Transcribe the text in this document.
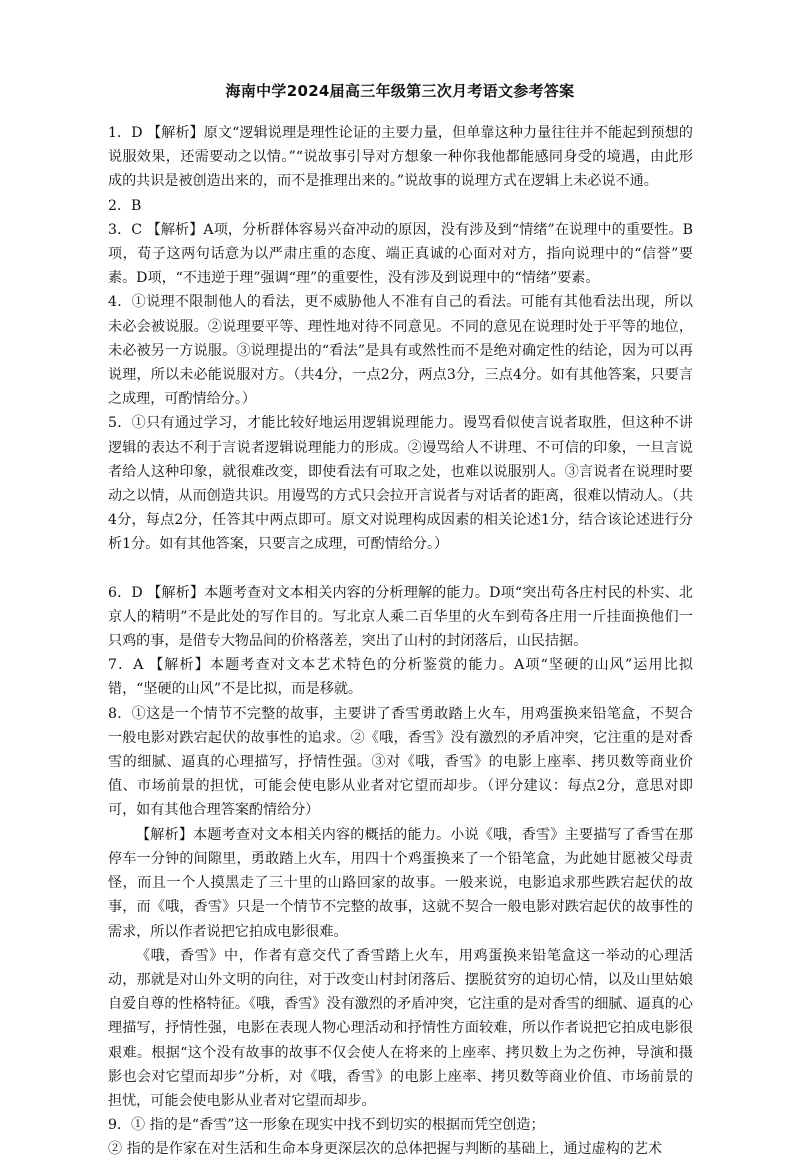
海南中学2024届高三年级第三次月考语文参考答案

1．D 【解析】原文“逻辑说理是理性论证的主要力量，但单靠这种力量往往并不能起到预想的说服效果，还需要动之以情。”“说故事引导对方想象一种你我他都能感同身受的境遇，由此形成的共识是被创造出来的，而不是推理出来的。”说故事的说理方式在逻辑上未必说不通。

2．B

3．C 【解析】A项，分析群体容易兴奋冲动的原因，没有涉及到“情绪”在说理中的重要性。B项，荀子这两句话意为以严肃庄重的态度、端正真诚的心面对对方，指向说理中的“信誉”要素。D项，“不违逆于理”强调“理”的重要性，没有涉及到说理中的“情绪”要素。

4．①说理不限制他人的看法，更不威胁他人不准有自己的看法。可能有其他看法出现，所以未必会被说服。②说理要平等、理性地对待不同意见。不同的意见在说理时处于平等的地位，未必被另一方说服。③说理提出的“看法”是具有或然性而不是绝对确定性的结论，因为可以再说理，所以未必能说服对方。（共4分，一点2分，两点3分，三点4分。如有其他答案，只要言之成理，可酌情给分。）

5．①只有通过学习，才能比较好地运用逻辑说理能力。谩骂看似使言说者取胜，但这种不讲逻辑的表达不利于言说者逻辑说理能力的形成。②谩骂给人不讲理、不可信的印象，一旦言说者给人这种印象，就很难改变，即使看法有可取之处，也难以说服别人。③言说者在说理时要动之以情，从而创造共识。用谩骂的方式只会拉开言说者与对话者的距离，很难以情动人。（共4分，每点2分，任答其中两点即可。原文对说理构成因素的相关论述1分，结合该论述进行分析1分。如有其他答案，只要言之成理，可酌情给分。）

6．D 【解析】本题考查对文本相关内容的分析理解的能力。D项“突出苟各庄村民的朴实、北京人的精明”不是此处的写作目的。写北京人乘二百华里的火车到苟各庄用一斤挂面换他们一只鸡的事，是借专大物品间的价格落差，突出了山村的封闭落后，山民拮据。

7．A 【解析】本题考查对文本艺术特色的分析鉴赏的能力。A项“坚硬的山风”运用比拟错，“坚硬的山风”不是比拟，而是移就。

8．①这是一个情节不完整的故事，主要讲了香雪勇敢踏上火车，用鸡蛋换来铅笔盒，不契合一般电影对跌宕起伏的故事性的追求。②《哦，香雪》没有激烈的矛盾冲突，它注重的是对香雪的细腻、逼真的心理描写，抒情性强。③对《哦，香雪》的电影上座率、拷贝数等商业价值、市场前景的担忧，可能会使电影从业者对它望而却步。（评分建议：每点2分，意思对即可，如有其他合理答案酌情给分）

【解析】本题考查对文本相关内容的概括的能力。小说《哦，香雪》主要描写了香雪在那停车一分钟的间隙里，勇敢踏上火车，用四十个鸡蛋换来了一个铅笔盒，为此她甘愿被父母责怪，而且一个人摸黑走了三十里的山路回家的故事。一般来说，电影追求那些跌宕起伏的故事，而《哦，香雪》只是一个情节不完整的故事，这就不契合一般电影对跌宕起伏的故事性的需求，所以作者说把它拍成电影很难。

《哦，香雪》中，作者有意交代了香雪踏上火车，用鸡蛋换来铅笔盒这一举动的心理活动，那就是对山外文明的向往，对于改变山村封闭落后、摆脱贫穷的迫切心情，以及山里姑娘自爱自尊的性格特征。《哦，香雪》没有激烈的矛盾冲突，它注重的是对香雪的细腻、逼真的心理描写，抒情性强，电影在表现人物心理活动和抒情性方面较难，所以作者说把它拍成电影很艰难。根据“这个没有故事的故事不仅会使人在将来的上座率、拷贝数上为之伤神，导演和摄影也会对它望而却步”分析，对《哦，香雪》的电影上座率、拷贝数等商业价值、市场前景的担忧，可能会使电影从业者对它望而却步。

9．① 指的是“香雪”这一形象在现实中找不到切实的根据而凭空创造；

② 指的是作家在对生活和生命本身更深层次的总体把握与判断的基础上，通过虚构的艺术
